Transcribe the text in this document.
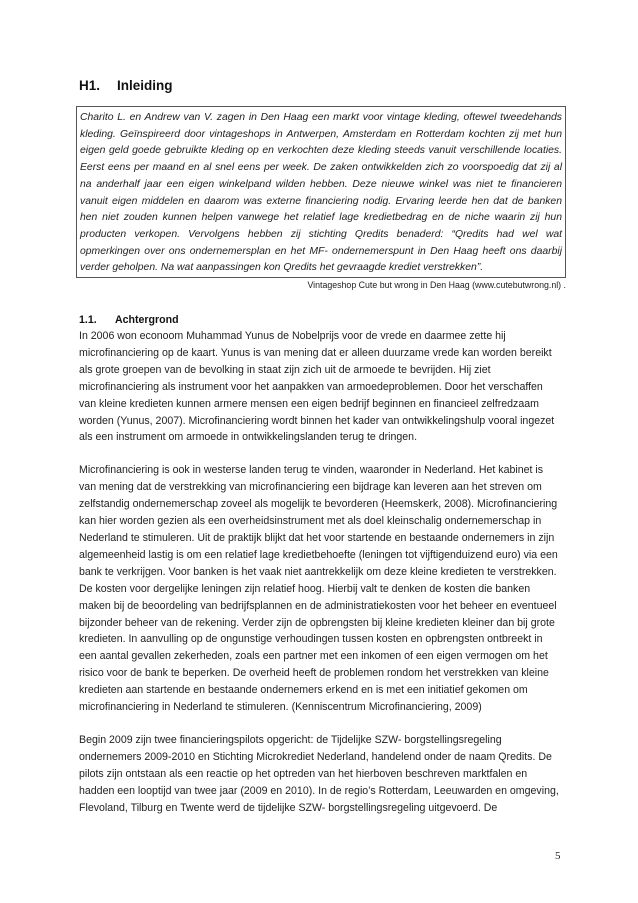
H1. Inleiding

Charito L. en Andrew van V. zagen in Den Haag een markt voor vintage kleding, oftewel tweedehands kleding. Geïnspireerd door vintageshops in Antwerpen, Amsterdam en Rotterdam kochten zij met hun eigen geld goede gebruikte kleding op en verkochten deze kleding steeds vanuit verschillende locaties. Eerst eens per maand en al snel eens per week. De zaken ontwikkelden zich zo voorspoedig dat zij al na anderhalf jaar een eigen winkelpand wilden hebben. Deze nieuwe winkel was niet te financieren vanuit eigen middelen en daarom was externe financiering nodig. Ervaring leerde hen dat de banken hen niet zouden kunnen helpen vanwege het relatief lage kredietbedrag en de niche waarin zij hun producten verkopen. Vervolgens hebben zij stichting Qredits benaderd: “Qredits had wel wat opmerkingen over ons ondernemersplan en het MF- ondernemerspunt in Den Haag heeft ons daarbij verder geholpen. Na wat aanpassingen kon Qredits het gevraagde krediet verstrekken”.

Vintageshop Cute but wrong in Den Haag (www.cutebutwrong.nl) .
1.1. Achtergrond

In 2006 won econoom Muhammad Yunus de Nobelprijs voor de vrede en daarmee zette hij microfinanciering op de kaart. Yunus is van mening dat er alleen duurzame vrede kan worden bereikt als grote groepen van de bevolking in staat zijn zich uit de armoede te bevrijden. Hij ziet microfinanciering als instrument voor het aanpakken van armoedeproblemen. Door het verschaffen van kleine kredieten kunnen armere mensen een eigen bedrijf beginnen en financieel zelfredzaam worden (Yunus, 2007). Microfinanciering wordt binnen het kader van ontwikkelingshulp vooral ingezet als een instrument om armoede in ontwikkelingslanden terug te dringen.

Microfinanciering is ook in westerse landen terug te vinden, waaronder in Nederland. Het kabinet is van mening dat de verstrekking van microfinanciering een bijdrage kan leveren aan het streven om zelfstandig ondernemerschap zoveel als mogelijk te bevorderen (Heemskerk, 2008). Microfinanciering kan hier worden gezien als een overheidsinstrument met als doel kleinschalig ondernemerschap in Nederland te stimuleren. Uit de praktijk blijkt dat het voor startende en bestaande ondernemers in zijn algemeenheid lastig is om een relatief lage kredietbehoefte (leningen tot vijftigenduizend euro) via een bank te verkrijgen. Voor banken is het vaak niet aantrekkelijk om deze kleine kredieten te verstrekken. De kosten voor dergelijke leningen zijn relatief hoog. Hierbij valt te denken de kosten die banken maken bij de beoordeling van bedrijfsplannen en de administratiekosten voor het beheer en eventueel bijzonder beheer van de rekening. Verder zijn de opbrengsten bij kleine kredieten kleiner dan bij grote kredieten. In aanvulling op de ongunstige verhoudingen tussen kosten en opbrengsten ontbreekt in een aantal gevallen zekerheden, zoals een partner met een inkomen of een eigen vermogen om het risico voor de bank te beperken. De overheid heeft de problemen rondom het verstrekken van kleine kredieten aan startende en bestaande ondernemers erkend en is met een initiatief gekomen om microfinanciering in Nederland te stimuleren. (Kenniscentrum Microfinanciering, 2009)

Begin 2009 zijn twee financieringspilots opgericht: de Tijdelijke SZW- borgstellingsregeling ondernemers 2009-2010 en Stichting Microkrediet Nederland, handelend onder de naam Qredits. De pilots zijn ontstaan als een reactie op het optreden van het hierboven beschreven marktfalen en hadden een looptijd van twee jaar (2009 en 2010). In de regio’s Rotterdam, Leeuwarden en omgeving, Flevoland, Tilburg en Twente werd de tijdelijke SZW- borgstellingsregeling uitgevoerd. De

5
